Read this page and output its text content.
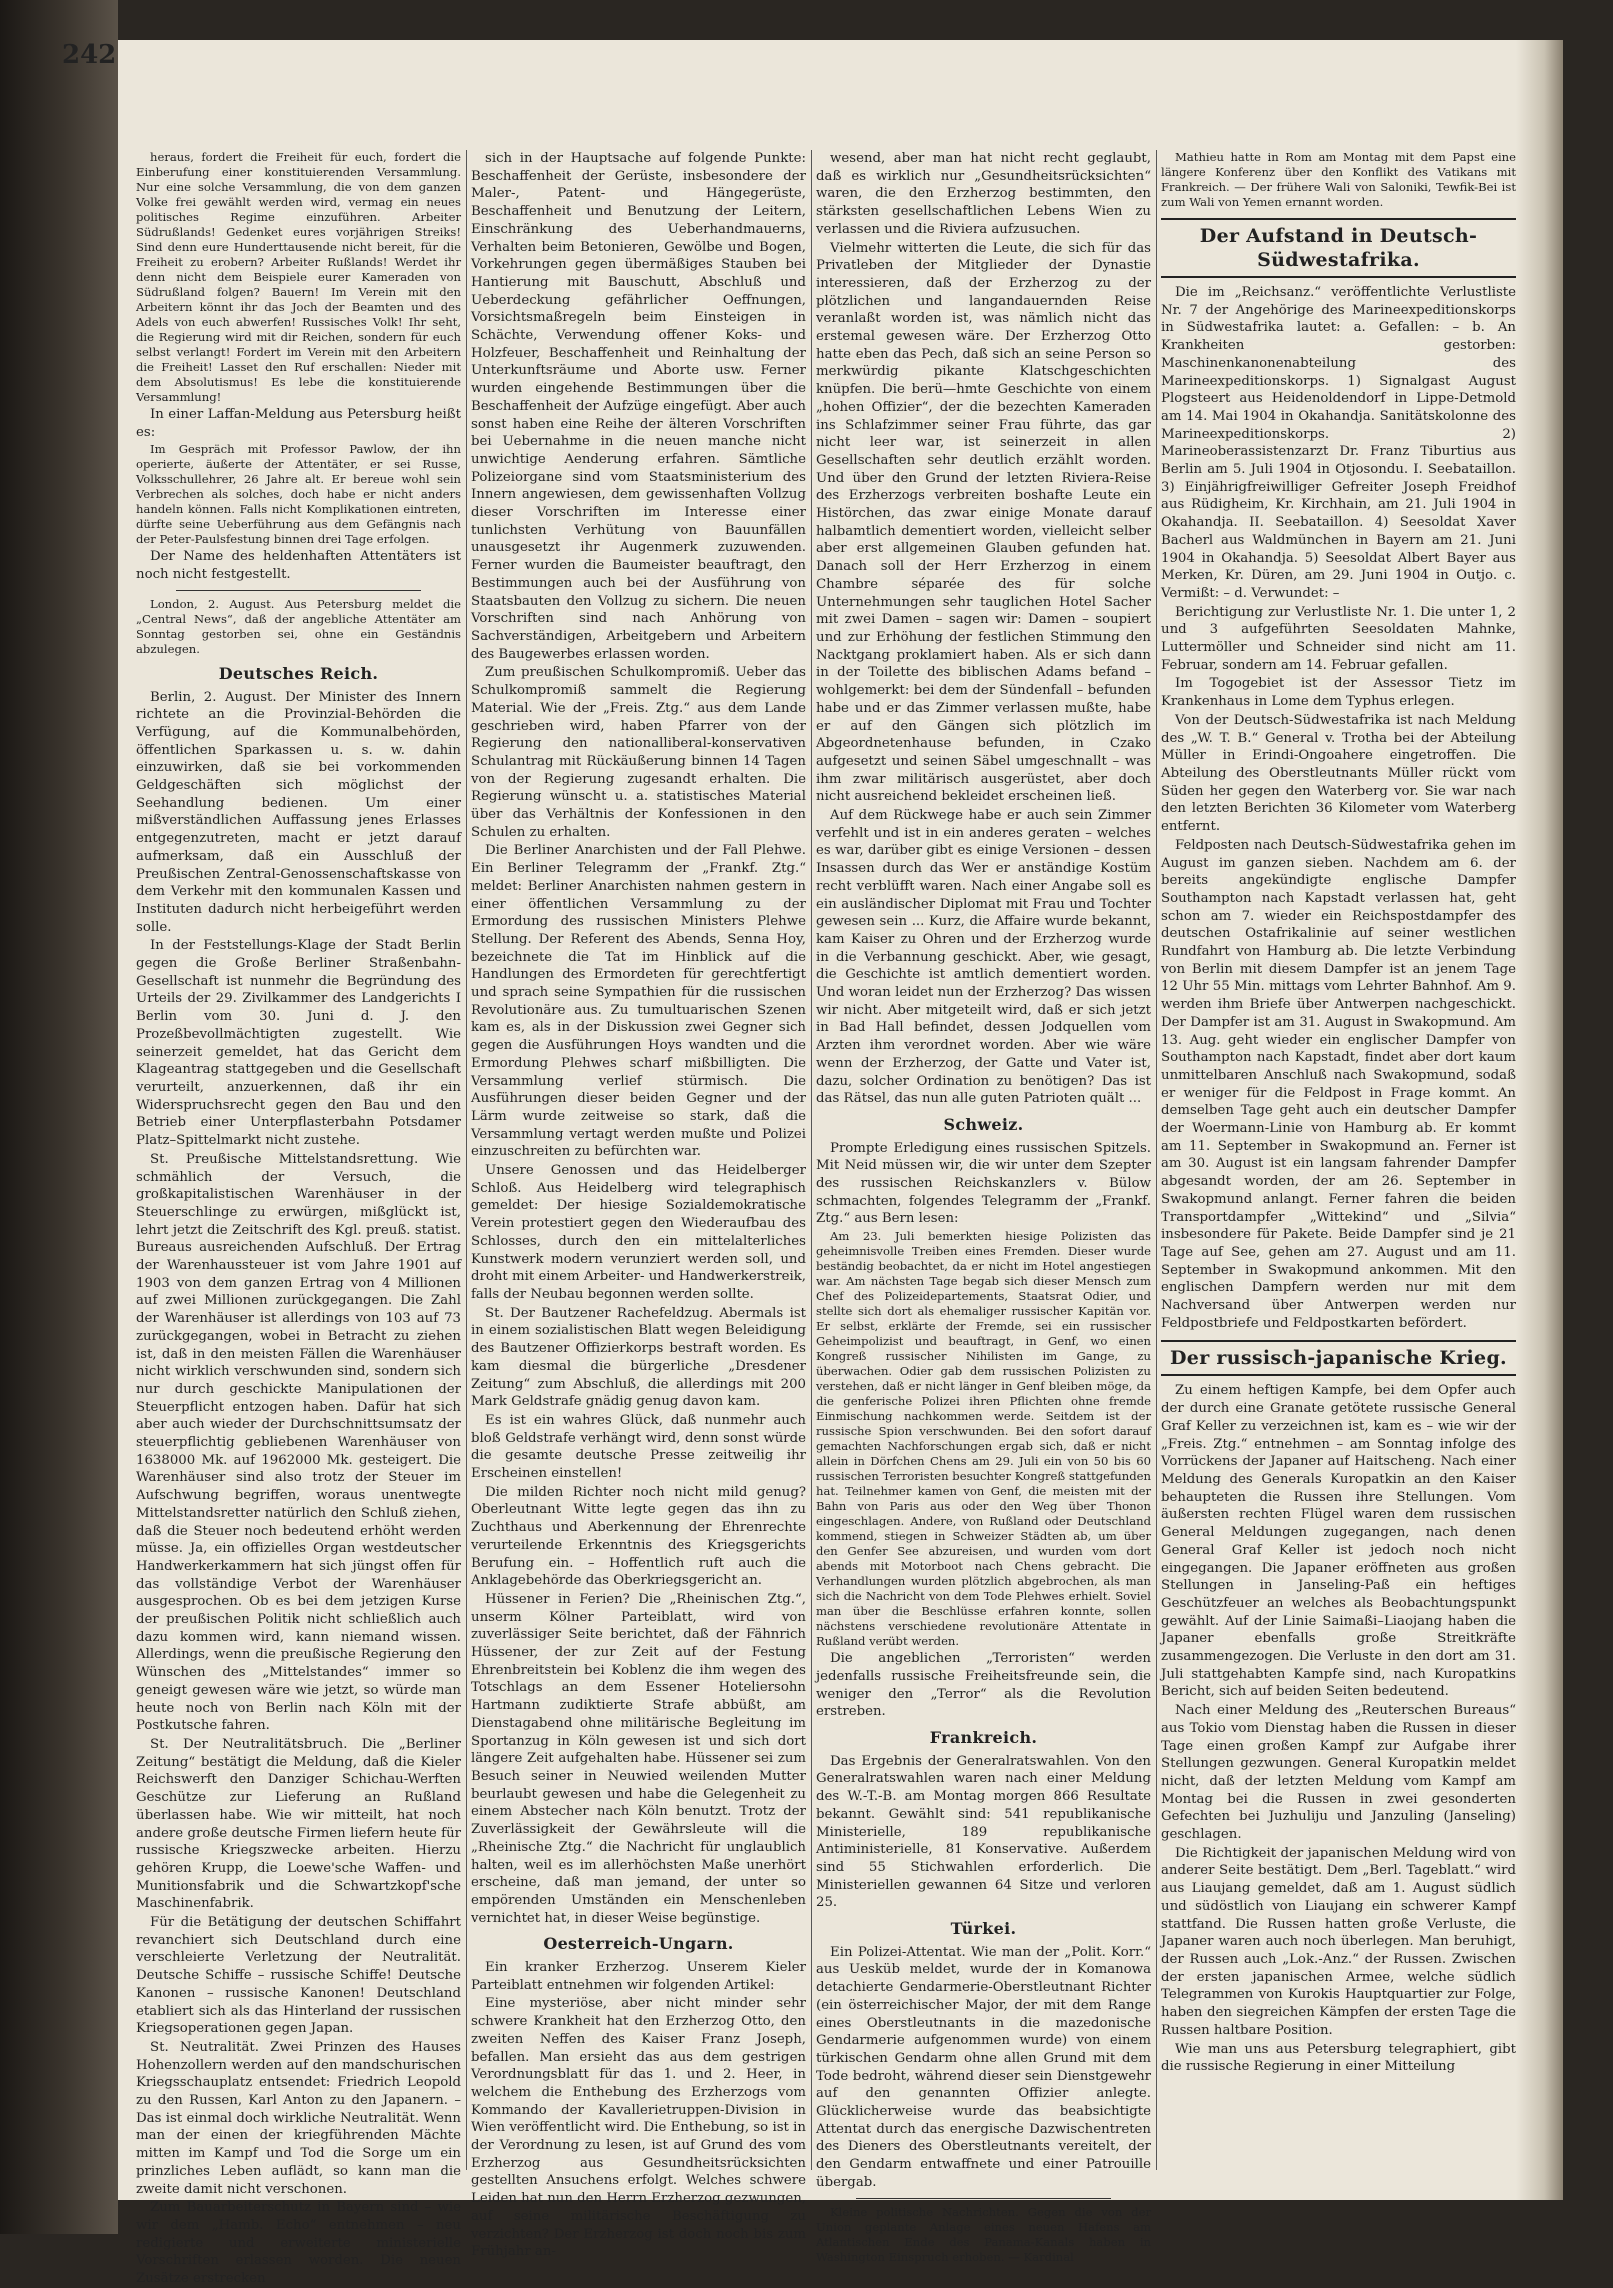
242

heraus, fordert die Freiheit für euch, fordert die Einberufung einer konstituierenden Versammlung. Nur eine solche Versammlung, die von dem ganzen Volke frei gewählt werden wird, vermag ein neues politisches Regime einzuführen. Arbeiter Südrußlands! Gedenket eures vorjährigen Streiks! Sind denn eure Hunderttausende nicht bereit, für die Freiheit zu erobern? Arbeiter Rußlands! Werdet ihr denn nicht dem Beispiele eurer Kameraden von Südrußland folgen? Bauern! Im Verein mit den Arbeitern könnt ihr das Joch der Beamten und des Adels von euch abwerfen! Russisches Volk! Ihr seht, die Regierung wird mit dir Reichen, sondern für euch selbst verlangt! Fordert im Verein mit den Arbeitern die Freiheit! Lasset den Ruf erschallen: Nieder mit dem Absolutismus! Es lebe die konstituierende Versammlung!

In einer Laffan-Meldung aus Petersburg heißt es:

Im Gespräch mit Professor Pawlow, der ihn operierte, äußerte der Attentäter, er sei Russe, Volksschullehrer, 26 Jahre alt. Er bereue wohl sein Verbrechen als solches, doch habe er nicht anders handeln können. Falls nicht Komplikationen eintreten, dürfte seine Ueberführung aus dem Gefängnis nach der Peter-Paulsfestung binnen drei Tage erfolgen.

Der Name des heldenhaften Attentäters ist noch nicht festgestellt.

London, 2. August. Aus Petersburg meldet die „Central News“, daß der angebliche Attentäter am Sonntag gestorben sei, ohne ein Geständnis abzulegen.

Deutsches Reich.

Berlin, 2. August. Der Minister des Innern richtete an die Provinzial-Behörden die Verfügung, auf die Kommunalbehörden, öffentlichen Sparkassen u. s. w. dahin einzuwirken, daß sie bei vorkommenden Geldgeschäften sich möglichst der Seehandlung bedienen. Um einer mißverständlichen Auffassung jenes Erlasses entgegenzutreten, macht er jetzt darauf aufmerksam, daß ein Ausschluß der Preußischen Zentral-Genossenschaftskasse von dem Verkehr mit den kommunalen Kassen und Instituten dadurch nicht herbeigeführt werden solle.

In der Feststellungs-Klage der Stadt Berlin gegen die Große Berliner Straßenbahn-Gesellschaft ist nunmehr die Begründung des Urteils der 29. Zivilkammer des Landgerichts I Berlin vom 30. Juni d. J. den Prozeßbevollmächtigten zugestellt. Wie seinerzeit gemeldet, hat das Gericht dem Klageantrag stattgegeben und die Gesellschaft verurteilt, anzuerkennen, daß ihr ein Widerspruchsrecht gegen den Bau und den Betrieb einer Unterpflasterbahn Potsdamer Platz–Spittelmarkt nicht zustehe.

St. Preußische Mittelstandsrettung. Wie schmählich der Versuch, die großkapitalistischen Warenhäuser in der Steuerschlinge zu erwürgen, mißglückt ist, lehrt jetzt die Zeitschrift des Kgl. preuß. statist. Bureaus ausreichenden Aufschluß. Der Ertrag der Warenhaussteuer ist vom Jahre 1901 auf 1903 von dem ganzen Ertrag von 4 Millionen auf zwei Millionen zurückgegangen. Die Zahl der Warenhäuser ist allerdings von 103 auf 73 zurückgegangen, wobei in Betracht zu ziehen ist, daß in den meisten Fällen die Warenhäuser nicht wirklich verschwunden sind, sondern sich nur durch geschickte Manipulationen der Steuerpflicht entzogen haben. Dafür hat sich aber auch wieder der Durchschnittsumsatz der steuerpflichtig gebliebenen Warenhäuser von 1638000 Mk. auf 1962000 Mk. gesteigert. Die Warenhäuser sind also trotz der Steuer im Aufschwung begriffen, woraus unentwegte Mittelstandsretter natürlich den Schluß ziehen, daß die Steuer noch bedeutend erhöht werden müsse. Ja, ein offizielles Organ westdeutscher Handwerkerkammern hat sich jüngst offen für das vollständige Verbot der Warenhäuser ausgesprochen. Ob es bei dem jetzigen Kurse der preußischen Politik nicht schließlich auch dazu kommen wird, kann niemand wissen. Allerdings, wenn die preußische Regierung den Wünschen des „Mittelstandes“ immer so geneigt gewesen wäre wie jetzt, so würde man heute noch von Berlin nach Köln mit der Postkutsche fahren.

St. Der Neutralitätsbruch. Die „Berliner Zeitung“ bestätigt die Meldung, daß die Kieler Reichswerft den Danziger Schichau-Werften Geschütze zur Lieferung an Rußland überlassen habe. Wie wir mitteilt, hat noch andere große deutsche Firmen liefern heute für russische Kriegszwecke arbeiten. Hierzu gehören Krupp, die Loewe'sche Waffen- und Munitionsfabrik und die Schwartzkopf'sche Maschinenfabrik.

Für die Betätigung der deutschen Schiffahrt revanchiert sich Deutschland durch eine verschleierte Verletzung der Neutralität. Deutsche Schiffe – russische Schiffe! Deutsche Kanonen – russische Kanonen! Deutschland etabliert sich als das Hinterland der russischen Kriegsoperationen gegen Japan.

St. Neutralität. Zwei Prinzen des Hauses Hohenzollern werden auf den mandschurischen Kriegsschauplatz entsendet: Friedrich Leopold zu den Russen, Karl Anton zu den Japanern. – Das ist einmal doch wirkliche Neutralität. Wenn man der einen der kriegführenden Mächte mitten im Kampf und Tod die Sorge um ein prinzliches Leben auflädt, so kann man die zweite damit nicht verschonen.

Zum Bauarbeiterschutz in Bayern sind – wie wir dem „Hamb. Echo“ entnehmen – neu redigierte und erweiterte ministerielle Vorschriften erlassen worden. Die neuen Zusätze erstrecken

sich in der Hauptsache auf folgende Punkte: Beschaffenheit der Gerüste, insbesondere der Maler-, Patent- und Hängegerüste, Beschaffenheit und Benutzung der Leitern, Einschränkung des Ueberhandmauerns, Verhalten beim Betonieren, Gewölbe und Bogen, Vorkehrungen gegen übermäßiges Stauben bei Hantierung mit Bauschutt, Abschluß und Ueberdeckung gefährlicher Oeffnungen, Vorsichtsmaßregeln beim Einsteigen in Schächte, Verwendung offener Koks- und Holzfeuer, Beschaffenheit und Reinhaltung der Unterkunftsräume und Aborte usw. Ferner wurden eingehende Bestimmungen über die Beschaffenheit der Aufzüge eingefügt. Aber auch sonst haben eine Reihe der älteren Vorschriften bei Uebernahme in die neuen manche nicht unwichtige Aenderung erfahren. Sämtliche Polizeiorgane sind vom Staatsministerium des Innern angewiesen, dem gewissenhaften Vollzug dieser Vorschriften im Interesse einer tunlichsten Verhütung von Bauunfällen unausgesetzt ihr Augenmerk zuzuwenden. Ferner wurden die Baumeister beauftragt, den Bestimmungen auch bei der Ausführung von Staatsbauten den Vollzug zu sichern. Die neuen Vorschriften sind nach Anhörung von Sachverständigen, Arbeitgebern und Arbeitern des Baugewerbes erlassen worden.

Zum preußischen Schulkompromiß. Ueber das Schulkompromiß sammelt die Regierung Material. Wie der „Freis. Ztg.“ aus dem Lande geschrieben wird, haben Pfarrer von der Regierung den nationalliberal-konservativen Schulantrag mit Rückäußerung binnen 14 Tagen von der Regierung zugesandt erhalten. Die Regierung wünscht u. a. statistisches Material über das Verhältnis der Konfessionen in den Schulen zu erhalten.

Die Berliner Anarchisten und der Fall Plehwe. Ein Berliner Telegramm der „Frankf. Ztg.“ meldet: Berliner Anarchisten nahmen gestern in einer öffentlichen Versammlung zu der Ermordung des russischen Ministers Plehwe Stellung. Der Referent des Abends, Senna Hoy, bezeichnete die Tat im Hinblick auf die Handlungen des Ermordeten für gerechtfertigt und sprach seine Sympathien für die russischen Revolutionäre aus. Zu tumultuarischen Szenen kam es, als in der Diskussion zwei Gegner sich gegen die Ausführungen Hoys wandten und die Ermordung Plehwes scharf mißbilligten. Die Versammlung verlief stürmisch. Die Ausführungen dieser beiden Gegner und der Lärm wurde zeitweise so stark, daß die Versammlung vertagt werden mußte und Polizei einzuschreiten zu befürchten war.

Unsere Genossen und das Heidelberger Schloß. Aus Heidelberg wird telegraphisch gemeldet: Der hiesige Sozialdemokratische Verein protestiert gegen den Wiederaufbau des Schlosses, durch den ein mittelalterliches Kunstwerk modern verunziert werden soll, und droht mit einem Arbeiter- und Handwerkerstreik, falls der Neubau begonnen werden sollte.

St. Der Bautzener Rachefeldzug. Abermals ist in einem sozialistischen Blatt wegen Beleidigung des Bautzener Offizierkorps bestraft worden. Es kam diesmal die bürgerliche „Dresdener Zeitung“ zum Abschluß, die allerdings mit 200 Mark Geldstrafe gnädig genug davon kam.

Es ist ein wahres Glück, daß nunmehr auch bloß Geldstrafe verhängt wird, denn sonst würde die gesamte deutsche Presse zeitweilig ihr Erscheinen einstellen!

Die milden Richter noch nicht mild genug? Oberleutnant Witte legte gegen das ihn zu Zuchthaus und Aberkennung der Ehrenrechte verurteilende Erkenntnis des Kriegsgerichts Berufung ein. – Hoffentlich ruft auch die Anklagebehörde das Oberkriegsgericht an.

Hüssener in Ferien? Die „Rheinischen Ztg.“, unserm Kölner Parteiblatt, wird von zuverlässiger Seite berichtet, daß der Fähnrich Hüssener, der zur Zeit auf der Festung Ehrenbreitstein bei Koblenz die ihm wegen des Totschlags an dem Essener Hoteliersohn Hartmann zudiktierte Strafe abbüßt, am Dienstagabend ohne militärische Begleitung im Sportanzug in Köln gewesen ist und sich dort längere Zeit aufgehalten habe. Hüssener sei zum Besuch seiner in Neuwied weilenden Mutter beurlaubt gewesen und habe die Gelegenheit zu einem Abstecher nach Köln benutzt. Trotz der Zuverlässigkeit der Gewährsleute will die „Rheinische Ztg.“ die Nachricht für unglaublich halten, weil es im allerhöchsten Maße unerhört erscheine, daß man jemand, der unter so empörenden Umständen ein Menschenleben vernichtet hat, in dieser Weise begünstige.

Oesterreich-Ungarn.

Ein kranker Erzherzog. Unserem Kieler Parteiblatt entnehmen wir folgenden Artikel:

Eine mysteriöse, aber nicht minder sehr schwere Krankheit hat den Erzherzog Otto, den zweiten Neffen des Kaiser Franz Joseph, befallen. Man ersieht das aus dem gestrigen Verordnungsblatt für das 1. und 2. Heer, in welchem die Enthebung des Erzherzogs vom Kommando der Kavallerietruppen-Division in Wien veröffentlicht wird. Die Enthebung, so ist in der Verordnung zu lesen, ist auf Grund des vom Erzherzog aus Gesundheitsrücksichten gestellten Ansuchens erfolgt. Welches schwere Leiden hat nun den Herrn Erzherzog gezwungen, auf seine militärische Beschäftigung zu verzichten? Der Erzherzog ist doch noch bis zum Frühjahr an-

wesend, aber man hat nicht recht geglaubt, daß es wirklich nur „Gesundheitsrücksichten“ waren, die den Erzherzog bestimmten, den stärksten gesellschaftlichen Lebens Wien zu verlassen und die Riviera aufzusuchen.

Vielmehr witterten die Leute, die sich für das Privatleben der Mitglieder der Dynastie interessieren, daß der Erzherzog zu der plötzlichen und langandauernden Reise veranlaßt worden ist, was nämlich nicht das erstemal gewesen wäre. Der Erzherzog Otto hatte eben das Pech, daß sich an seine Person so merkwürdig pikante Klatschgeschichten knüpfen. Die berü—hmte Geschichte von einem „hohen Offizier“, der die bezechten Kameraden ins Schlafzimmer seiner Frau führte, das gar nicht leer war, ist seinerzeit in allen Gesellschaften sehr deutlich erzählt worden. Und über den Grund der letzten Riviera-Reise des Erzherzogs verbreiten boshafte Leute ein Histörchen, das zwar einige Monate darauf halbamtlich dementiert worden, vielleicht selber aber erst allgemeinen Glauben gefunden hat. Danach soll der Herr Erzherzog in einem Chambre séparée des für solche Unternehmungen sehr tauglichen Hotel Sacher mit zwei Damen – sagen wir: Damen – soupiert und zur Erhöhung der festlichen Stimmung den Nacktgang proklamiert haben. Als er sich dann in der Toilette des biblischen Adams befand – wohlgemerkt: bei dem der Sündenfall – befunden habe und er das Zimmer verlassen mußte, habe er auf den Gängen sich plötzlich im Abgeordnetenhause befunden, in Czako aufgesetzt und seinen Säbel umgeschnallt – was ihm zwar militärisch ausgerüstet, aber doch nicht ausreichend bekleidet erscheinen ließ.

Auf dem Rückwege habe er auch sein Zimmer verfehlt und ist in ein anderes geraten – welches es war, darüber gibt es einige Versionen – dessen Insassen durch das Wer er anständige Kostüm recht verblüfft waren. Nach einer Angabe soll es ein ausländischer Diplomat mit Frau und Tochter gewesen sein ... Kurz, die Affaire wurde bekannt, kam Kaiser zu Ohren und der Erzherzog wurde in die Verbannung geschickt. Aber, wie gesagt, die Geschichte ist amtlich dementiert worden. Und woran leidet nun der Erzherzog? Das wissen wir nicht. Aber mitgeteilt wird, daß er sich jetzt in Bad Hall befindet, dessen Jodquellen vom Arzten ihm verordnet worden. Aber wie wäre wenn der Erzherzog, der Gatte und Vater ist, dazu, solcher Ordination zu benötigen? Das ist das Rätsel, das nun alle guten Patrioten quält ...

Schweiz.

Prompte Erledigung eines russischen Spitzels. Mit Neid müssen wir, die wir unter dem Szepter des russischen Reichskanzlers v. Bülow schmachten, folgendes Telegramm der „Frankf. Ztg.“ aus Bern lesen:

Am 23. Juli bemerkten hiesige Polizisten das geheimnisvolle Treiben eines Fremden. Dieser wurde beständig beobachtet, da er nicht im Hotel angestiegen war. Am nächsten Tage begab sich dieser Mensch zum Chef des Polizeidepartements, Staatsrat Odier, und stellte sich dort als ehemaliger russischer Kapitän vor. Er selbst, erklärte der Fremde, sei ein russischer Geheimpolizist und beauftragt, in Genf, wo einen Kongreß russischer Nihilisten im Gange, zu überwachen. Odier gab dem russischen Polizisten zu verstehen, daß er nicht länger in Genf bleiben möge, da die genferische Polizei ihren Pflichten ohne fremde Einmischung nachkommen werde. Seitdem ist der russische Spion verschwunden. Bei den sofort darauf gemachten Nachforschungen ergab sich, daß er nicht allein in Dörfchen Chens am 29. Juli ein von 50 bis 60 russischen Terroristen besuchter Kongreß stattgefunden hat. Teilnehmer kamen von Genf, die meisten mit der Bahn von Paris aus oder den Weg über Thonon eingeschlagen. Andere, von Rußland oder Deutschland kommend, stiegen in Schweizer Städten ab, um über den Genfer See abzureisen, und wurden vom dort abends mit Motorboot nach Chens gebracht. Die Verhandlungen wurden plötzlich abgebrochen, als man sich die Nachricht von dem Tode Plehwes erhielt. Soviel man über die Beschlüsse erfahren konnte, sollen nächstens verschiedene revolutionäre Attentate in Rußland verübt werden.

Die angeblichen „Terroristen“ werden jedenfalls russische Freiheitsfreunde sein, die weniger den „Terror“ als die Revolution erstreben.

Frankreich.

Das Ergebnis der Generalratswahlen. Von den Generalratswahlen waren nach einer Meldung des W.-T.-B. am Montag morgen 866 Resultate bekannt. Gewählt sind: 541 republikanische Ministerielle, 189 republikanische Antiministerielle, 81 Konservative. Außerdem sind 55 Stichwahlen erforderlich. Die Ministeriellen gewannen 64 Sitze und verloren 25.

Türkei.

Ein Polizei-Attentat. Wie man der „Polit. Korr.“ aus Uesküb meldet, wurde der in Komanowa detachierte Gendarmerie-Oberstleutnant Richter (ein österreichischer Major, der mit dem Range eines Oberstleutnants in die mazedonische Gendarmerie aufgenommen wurde) von einem türkischen Gendarm ohne allen Grund mit dem Tode bedroht, während dieser sein Dienstgewehr auf den genannten Offizier anlegte. Glücklicherweise wurde das beabsichtigte Attentat durch das energische Dazwischentreten des Dieners des Oberstleutnants vereitelt, der den Gendarm entwaffnete und einer Patrouille übergab.

Kleine politische Nachrichten. Gegen die von der Union geplante Anlage eines neuen Hafens am Atlantischen Ende des Panama-Kanals haben in Washington Einspruch erhoben. — Kardinal

Mathieu hatte in Rom am Montag mit dem Papst eine längere Konferenz über den Konflikt des Vatikans mit Frankreich. — Der frühere Wali von Saloniki, Tewfik-Bei ist zum Wali von Yemen ernannt worden.

Der Aufstand in Deutsch-Südwestafrika.

Die im „Reichsanz.“ veröffentlichte Verlustliste Nr. 7 der Angehörige des Marineexpeditionskorps in Südwestafrika lautet: a. Gefallen: – b. An Krankheiten gestorben: Maschinenkanonenabteilung des Marineexpeditionskorps. 1) Signalgast August Plogsteert aus Heidenoldendorf in Lippe-Detmold am 14. Mai 1904 in Okahandja. Sanitätskolonne des Marineexpeditionskorps. 2) Marineoberassistenzarzt Dr. Franz Tiburtius aus Berlin am 5. Juli 1904 in Otjosondu. I. Seebataillon. 3) Einjährigfreiwilliger Gefreiter Joseph Freidhof aus Rüdigheim, Kr. Kirchhain, am 21. Juli 1904 in Okahandja. II. Seebataillon. 4) Seesoldat Xaver Bacherl aus Waldmünchen in Bayern am 21. Juni 1904 in Okahandja. 5) Seesoldat Albert Bayer aus Merken, Kr. Düren, am 29. Juni 1904 in Outjo. c. Vermißt: – d. Verwundet: –

Berichtigung zur Verlustliste Nr. 1. Die unter 1, 2 und 3 aufgeführten Seesoldaten Mahnke, Luttermöller und Schneider sind nicht am 11. Februar, sondern am 14. Februar gefallen.

Im Togogebiet ist der Assessor Tietz im Krankenhaus in Lome dem Typhus erlegen.

Von der Deutsch-Südwestafrika ist nach Meldung des „W. T. B.“ General v. Trotha bei der Abteilung Müller in Erindi-Ongoahere eingetroffen. Die Abteilung des Oberstleutnants Müller rückt vom Süden her gegen den Waterberg vor. Sie war nach den letzten Berichten 36 Kilometer vom Waterberg entfernt.

Feldposten nach Deutsch-Südwestafrika gehen im August im ganzen sieben. Nachdem am 6. der bereits angekündigte englische Dampfer Southampton nach Kapstadt verlassen hat, geht schon am 7. wieder ein Reichspostdampfer des deutschen Ostafrikalinie auf seiner westlichen Rundfahrt von Hamburg ab. Die letzte Verbindung von Berlin mit diesem Dampfer ist an jenem Tage 12 Uhr 55 Min. mittags vom Lehrter Bahnhof. Am 9. werden ihm Briefe über Antwerpen nachgeschickt. Der Dampfer ist am 31. August in Swakopmund. Am 13. Aug. geht wieder ein englischer Dampfer von Southampton nach Kapstadt, findet aber dort kaum unmittelbaren Anschluß nach Swakopmund, sodaß er weniger für die Feldpost in Frage kommt. An demselben Tage geht auch ein deutscher Dampfer der Woermann-Linie von Hamburg ab. Er kommt am 11. September in Swakopmund an. Ferner ist am 30. August ist ein langsam fahrender Dampfer abgesandt worden, der am 26. September in Swakopmund anlangt. Ferner fahren die beiden Transportdampfer „Wittekind“ und „Silvia“ insbesondere für Pakete. Beide Dampfer sind je 21 Tage auf See, gehen am 27. August und am 11. September in Swakopmund ankommen. Mit den englischen Dampfern werden nur mit dem Nachversand über Antwerpen werden nur Feldpostbriefe und Feldpostkarten befördert.

Der russisch-japanische Krieg.

Zu einem heftigen Kampfe, bei dem Opfer auch der durch eine Granate getötete russische General Graf Keller zu verzeichnen ist, kam es – wie wir der „Freis. Ztg.“ entnehmen – am Sonntag infolge des Vorrückens der Japaner auf Haitscheng. Nach einer Meldung des Generals Kuropatkin an den Kaiser behaupteten die Russen ihre Stellungen. Vom äußersten rechten Flügel waren dem russischen General Meldungen zugegangen, nach denen General Graf Keller ist jedoch noch nicht eingegangen. Die Japaner eröffneten aus großen Stellungen in Janseling-Paß ein heftiges Geschützfeuer an welches als Beobachtungspunkt gewählt. Auf der Linie Saimaßi–Liaojang haben die Japaner ebenfalls große Streitkräfte zusammengezogen. Die Verluste in den dort am 31. Juli stattgehabten Kampfe sind, nach Kuropatkins Bericht, sich auf beiden Seiten bedeutend.

Nach einer Meldung des „Reuterschen Bureaus“ aus Tokio vom Dienstag haben die Russen in dieser Tage einen großen Kampf zur Aufgabe ihrer Stellungen gezwungen. General Kuropatkin meldet nicht, daß der letzten Meldung vom Kampf am Montag bei die Russen in zwei gesonderten Gefechten bei Juzhuliju und Janzuling (Janseling) geschlagen.

Die Richtigkeit der japanischen Meldung wird von anderer Seite bestätigt. Dem „Berl. Tageblatt.“ wird aus Liaujang gemeldet, daß am 1. August südlich und südöstlich von Liaujang ein schwerer Kampf stattfand. Die Russen hatten große Verluste, die Japaner waren auch noch überlegen. Man beruhigt, der Russen auch „Lok.-Anz.“ der Russen. Zwischen der ersten japanischen Armee, welche südlich Telegrammen von Kurokis Hauptquartier zur Folge, haben den siegreichen Kämpfen der ersten Tage die Russen haltbare Position.

Wie man uns aus Petersburg telegraphiert, gibt die russische Regierung in einer Mitteilung
